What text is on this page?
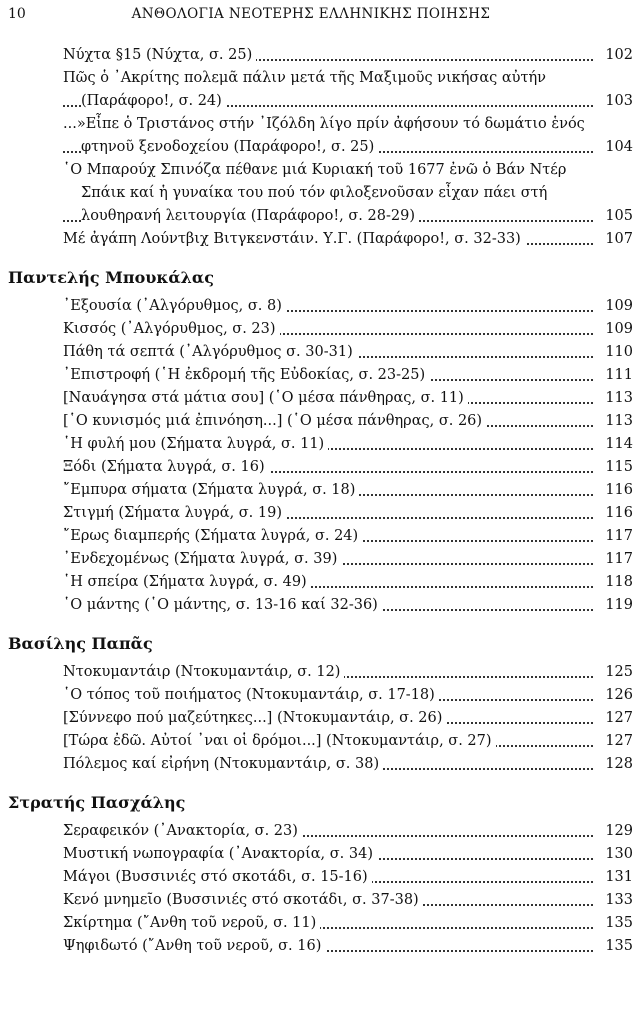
10	ΑΝΘΟΛΟΓΙΑ ΝΕΟΤΕΡΗΣ ΕΛΛΗΝΙΚΗΣ ΠΟΙΗΣΗΣ
Νύχτα §15 (Νύχτα, σ. 25)	102
Πῶς ὁ ᾿Ακρίτης πολεμᾶ πάλιν μετά τῆς Μαξιμοῦς νικήσας αὐτήν (Παράφορο!, σ. 24)	103
...»Εἶπε ὁ Τριστάνος στήν ᾿Ιζόλδη λίγο πρίν ἀφήσουν τό δωμάτιο ἑνός φτηνοῦ ξενοδοχείου (Παράφορο!, σ. 25)	104
῾Ο Μπαρούχ Σπινόζα πέθανε μιά Κυριακή τοῦ 1677 ἐνῶ ὁ Βάν Ντέρ Σπάικ καί ἡ γυναίκα του πού τόν φιλοξενοῦσαν εἶχαν πάει στή λουθηρανή λειτουργία (Παράφορο!, σ. 28-29)	105
Μέ ἀγάπη Λούντβιχ Βιτγκενστάιν. Υ.Γ. (Παράφορο!, σ. 32-33)	107
Παντελής Μπουκάλας
᾿Εξουσία (᾿Αλγόρυθμος, σ. 8)	109
Κισσός (᾿Αλγόρυθμος, σ. 23)	109
Πάθη τά σεπτά (᾿Αλγόρυθμος σ. 30-31)	110
᾿Επιστροφή (῾Η ἐκδρομή τῆς Εὐδοκίας, σ. 23-25)	111
[Ναυάγησα στά μάτια σου] (῾Ο μέσα πάνθηρας, σ. 11)	113
[῾Ο κυνισμός μιά ἐπινόηση...] (῾Ο μέσα πάνθηρας, σ. 26)	113
῾Η φυλή μου (Σήματα λυγρά, σ. 11)	114
Ξόδι (Σήματα λυγρά, σ. 16)	115
῎Εμπυρα σήματα (Σήματα λυγρά, σ. 18)	116
Στιγμή (Σήματα λυγρά, σ. 19)	116
῎Ερως διαμπερής (Σήματα λυγρά, σ. 24)	117
᾿Ενδεχομένως (Σήματα λυγρά, σ. 39)	117
῾Η σπείρα (Σήματα λυγρά, σ. 49)	118
῾Ο μάντης (῾Ο μάντης, σ. 13-16 καί 32-36)	119
Βασίλης Παπᾶς
Ντοκυμαντάιρ (Ντοκυμαντάιρ, σ. 12)	125
῾Ο τόπος τοῦ ποιήματος (Ντοκυμαντάιρ, σ. 17-18)	126
[Σύννεφο πού μαζεύτηκες...] (Ντοκυμαντάιρ, σ. 26)	127
[Τώρα ἐδῶ. Αὐτοί ᾿ναι οἱ δρόμοι...] (Ντοκυμαντάιρ, σ. 27)	127
Πόλεμος καί εἰρήνη (Ντοκυμαντάιρ, σ. 38)	128
Στρατής Πασχάλης
Σεραφεικόν (᾿Ανακτορία, σ. 23)	129
Μυστική νωπογραφία (᾿Ανακτορία, σ. 34)	130
Μάγοι (Βυσσινιές στό σκοτάδι, σ. 15-16)	131
Κενό μνημεῖο (Βυσσινιές στό σκοτάδι, σ. 37-38)	133
Σκίρτημα (῎Ανθη τοῦ νεροῦ, σ. 11)	135
Ψηφιδωτό (῎Ανθη τοῦ νεροῦ, σ. 16)	135
